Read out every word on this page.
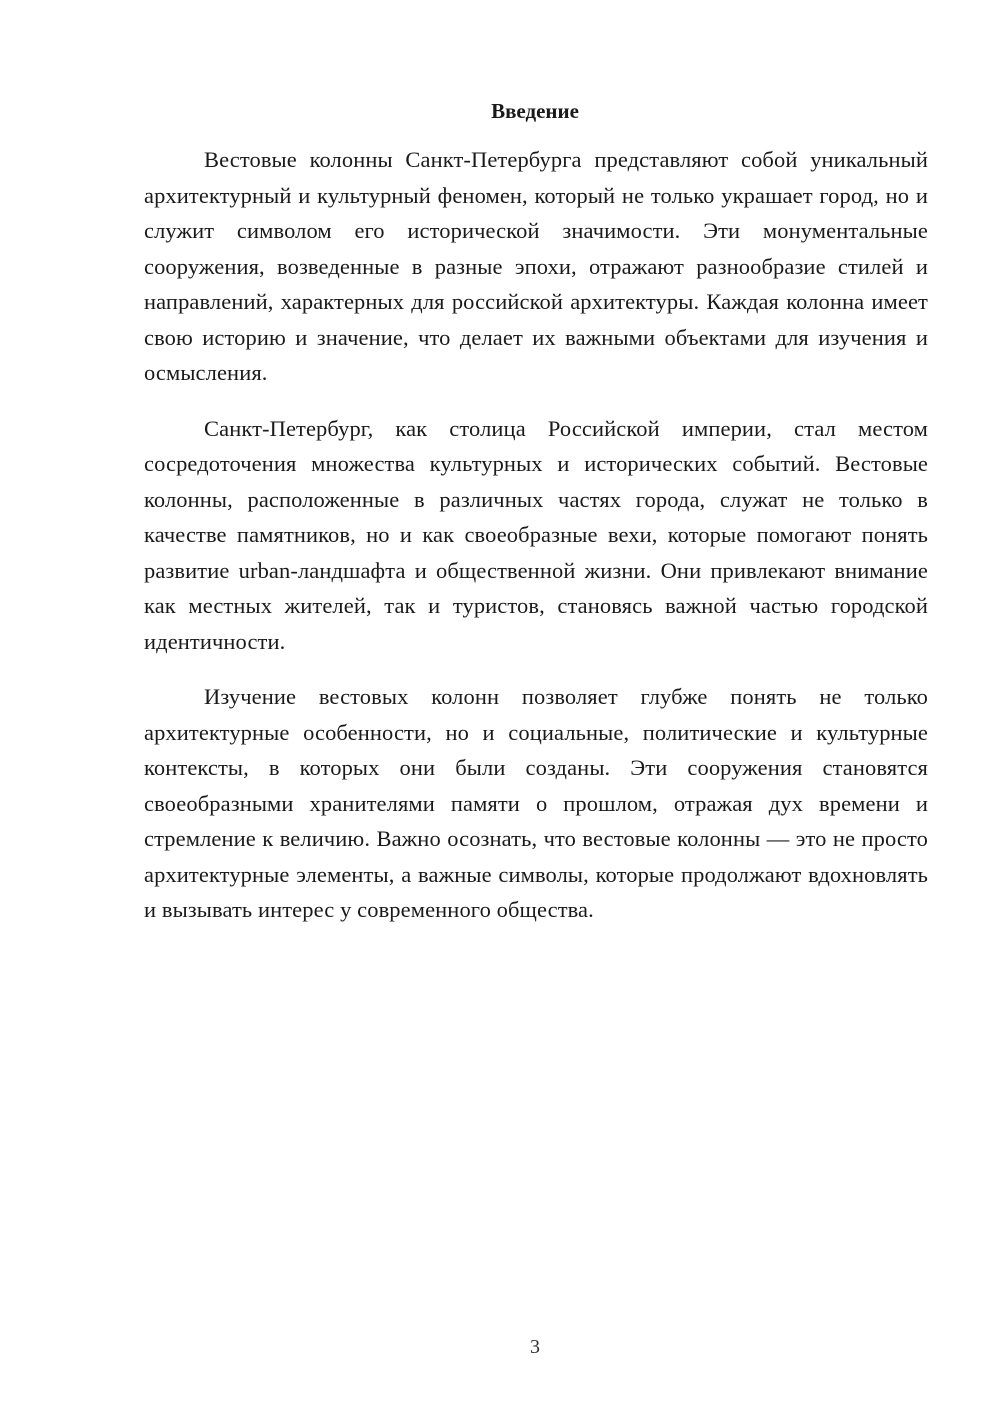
Введение

Вестовые колонны Санкт-Петербурга представляют собой уникальный архитектурный и культурный феномен, который не только украшает город, но и служит символом его исторической значимости. Эти монументальные сооружения, возведенные в разные эпохи, отражают разнообразие стилей и направлений, характерных для российской архитектуры. Каждая колонна имеет свою историю и значение, что делает их важными объектами для изучения и осмысления.

Санкт-Петербург, как столица Российской империи, стал местом сосредоточения множества культурных и исторических событий. Вестовые колонны, расположенные в различных частях города, служат не только в качестве памятников, но и как своеобразные вехи, которые помогают понять развитие urban-ландшафта и общественной жизни. Они привлекают внимание как местных жителей, так и туристов, становясь важной частью городской идентичности.

Изучение вестовых колонн позволяет глубже понять не только архитектурные особенности, но и социальные, политические и культурные контексты, в которых они были созданы. Эти сооружения становятся своеобразными хранителями памяти о прошлом, отражая дух времени и стремление к величию. Важно осознать, что вестовые колонны — это не просто архитектурные элементы, а важные символы, которые продолжают вдохновлять и вызывать интерес у современного общества.

3
